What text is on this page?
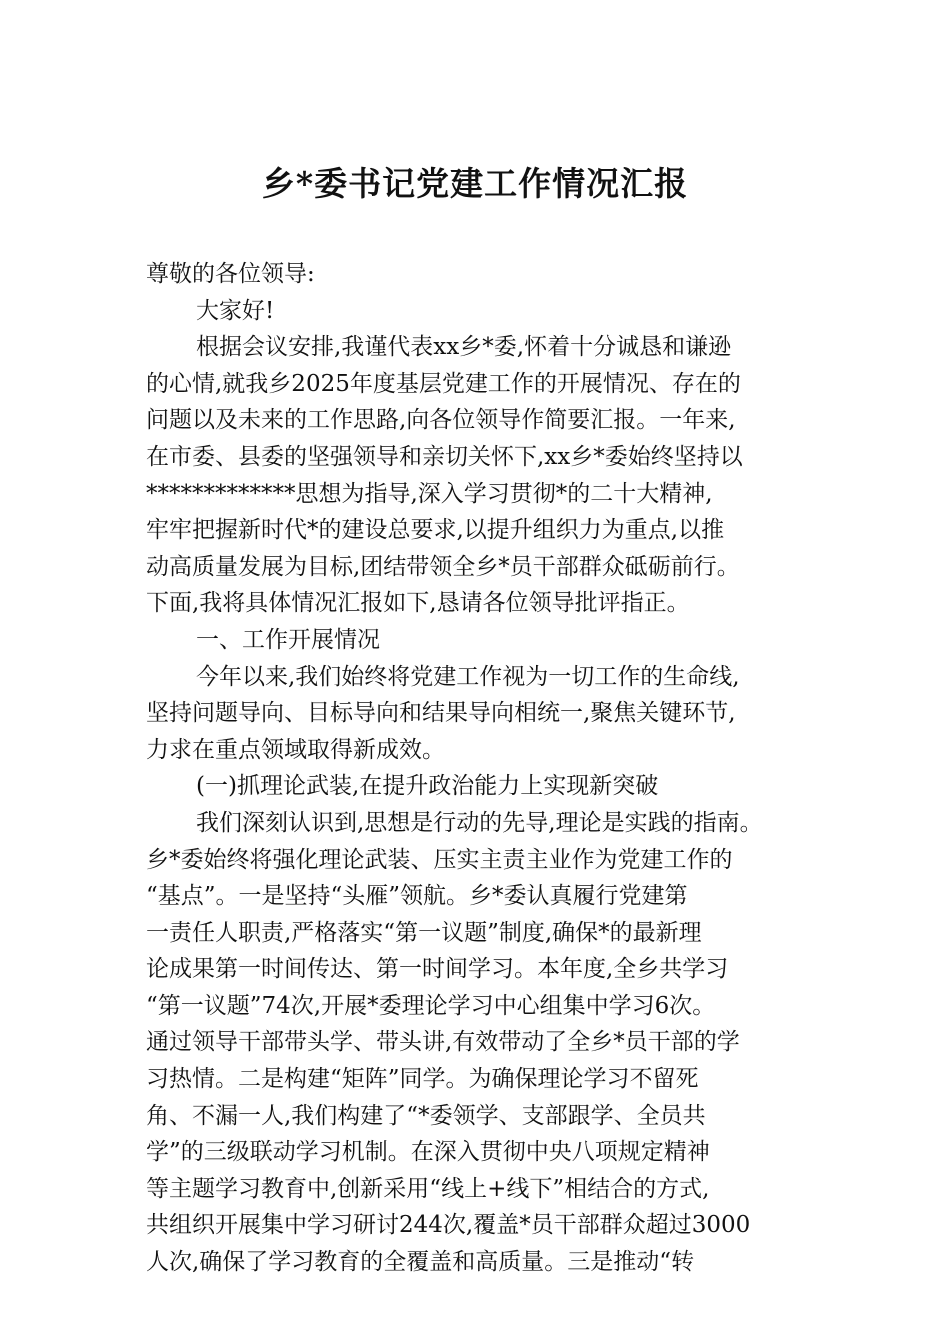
乡*委书记党建工作情况汇报
尊敬的各位领导:
大家好!
根据会议安排,我谨代表xx乡*委,怀着十分诚恳和谦逊
的心情,就我乡2025年度基层党建工作的开展情况、存在的
问题以及未来的工作思路,向各位领导作简要汇报。一年来,
在市委、县委的坚强领导和亲切关怀下,xx乡*委始终坚持以
*************思想为指导,深入学习贯彻*的二十大精神,
牢牢把握新时代*的建设总要求,以提升组织力为重点,以推
动高质量发展为目标,团结带领全乡*员干部群众砥砺前行。
下面,我将具体情况汇报如下,恳请各位领导批评指正。
一、工作开展情况
今年以来,我们始终将党建工作视为一切工作的生命线,
坚持问题导向、目标导向和结果导向相统一,聚焦关键环节,
力求在重点领域取得新成效。
(一)抓理论武装,在提升政治能力上实现新突破
我们深刻认识到,思想是行动的先导,理论是实践的指南。
乡*委始终将强化理论武装、压实主责主业作为党建工作的
“基点”。一是坚持“头雁”领航。乡*委认真履行党建第
一责任人职责,严格落实“第一议题”制度,确保*的最新理
论成果第一时间传达、第一时间学习。本年度,全乡共学习
“第一议题”74次,开展*委理论学习中心组集中学习6次。
通过领导干部带头学、带头讲,有效带动了全乡*员干部的学
习热情。二是构建“矩阵”同学。为确保理论学习不留死
角、不漏一人,我们构建了“*委领学、支部跟学、全员共
学”的三级联动学习机制。在深入贯彻中央八项规定精神
等主题学习教育中,创新采用“线上+线下”相结合的方式,
共组织开展集中学习研讨244次,覆盖*员干部群众超过3000
人次,确保了学习教育的全覆盖和高质量。三是推动“转
